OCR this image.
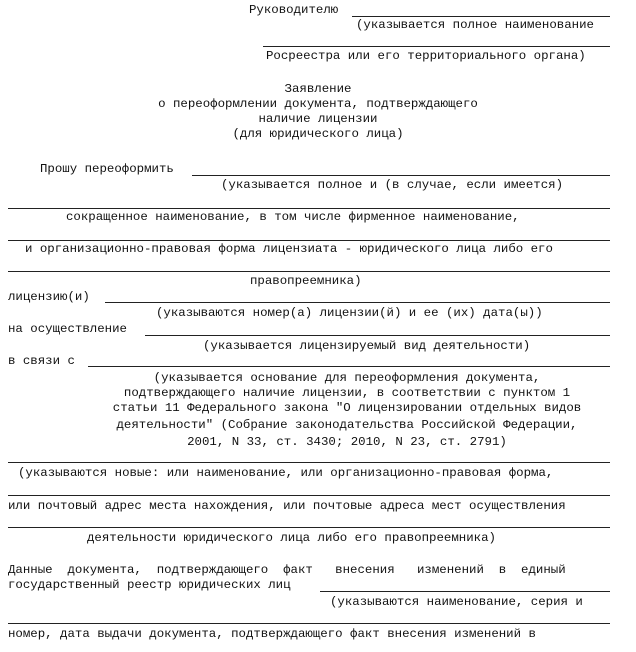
Руководителю
(указывается полное наименование
Росреестра или его территориального органа)
Заявление
о переоформлении документа, подтверждающего
наличие лицензии
(для юридического лица)
Прошу переоформить
(указывается полное и (в случае, если имеется)
сокращенное наименование, в том числе фирменное наименование,
и организационно-правовая форма лицензиата - юридического лица либо его
правопреемника)
лицензию(и)
(указываются номер(а) лицензии(й) и ее (их) дата(ы))
на осуществление
(указывается лицензируемый вид деятельности)
в связи с
(указывается основание для переоформления документа,
подтверждающего наличие лицензии, в соответствии с пунктом 1
статьи 11 Федерального закона "О лицензировании отдельных видов
деятельности" (Собрание законодательства Российской Федерации,
2001, N 33, ст. 3430; 2010, N 23, ст. 2791)
(указываются новые: или наименование, или организационно-правовая форма,
или почтовый адрес места нахождения, или почтовые адреса мест осуществления
деятельности юридического лица либо его правопреемника)
Данные  документа,  подтверждающего  факт   внесения   изменений  в  единый
государственный реестр юридических лиц
(указываются наименование, серия и
номер, дата выдачи документа, подтверждающего факт внесения изменений в
